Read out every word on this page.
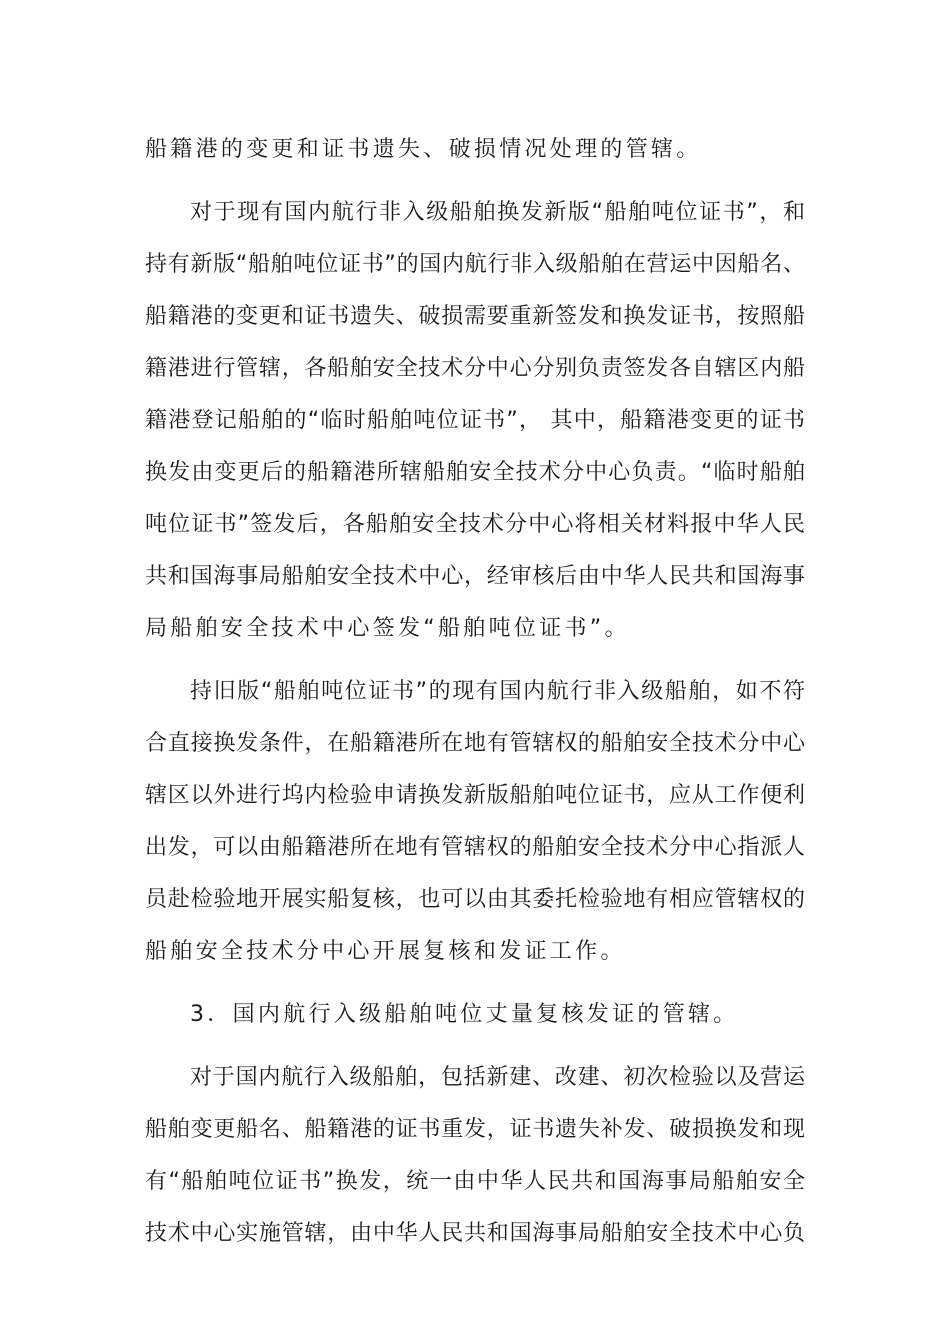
船籍港的变更和证书遗失、破损情况处理的管辖。
对于现有国内航行非入级船舶换发新版“船舶吨位证书”，和
持有新版“船舶吨位证书”的国内航行非入级船舶在营运中因船名、
船籍港的变更和证书遗失、破损需要重新签发和换发证书，按照船
籍港进行管辖，各船舶安全技术分中心分别负责签发各自辖区内船
籍港登记船舶的“临时船舶吨位证书”， 其中，船籍港变更的证书
换发由变更后的船籍港所辖船舶安全技术分中心负责。“临时船舶
吨位证书”签发后，各船舶安全技术分中心将相关材料报中华人民
共和国海事局船舶安全技术中心，经审核后由中华人民共和国海事
局船舶安全技术中心签发“船舶吨位证书”。
持旧版“船舶吨位证书”的现有国内航行非入级船舶，如不符
合直接换发条件，在船籍港所在地有管辖权的船舶安全技术分中心
辖区以外进行坞内检验申请换发新版船舶吨位证书，应从工作便利
出发，可以由船籍港所在地有管辖权的船舶安全技术分中心指派人
员赴检验地开展实船复核，也可以由其委托检验地有相应管辖权的
船舶安全技术分中心开展复核和发证工作。
3．国内航行入级船舶吨位丈量复核发证的管辖。
对于国内航行入级船舶，包括新建、改建、初次检验以及营运
船舶变更船名、船籍港的证书重发，证书遗失补发、破损换发和现
有“船舶吨位证书”换发，统一由中华人民共和国海事局船舶安全
技术中心实施管辖，由中华人民共和国海事局船舶安全技术中心负
